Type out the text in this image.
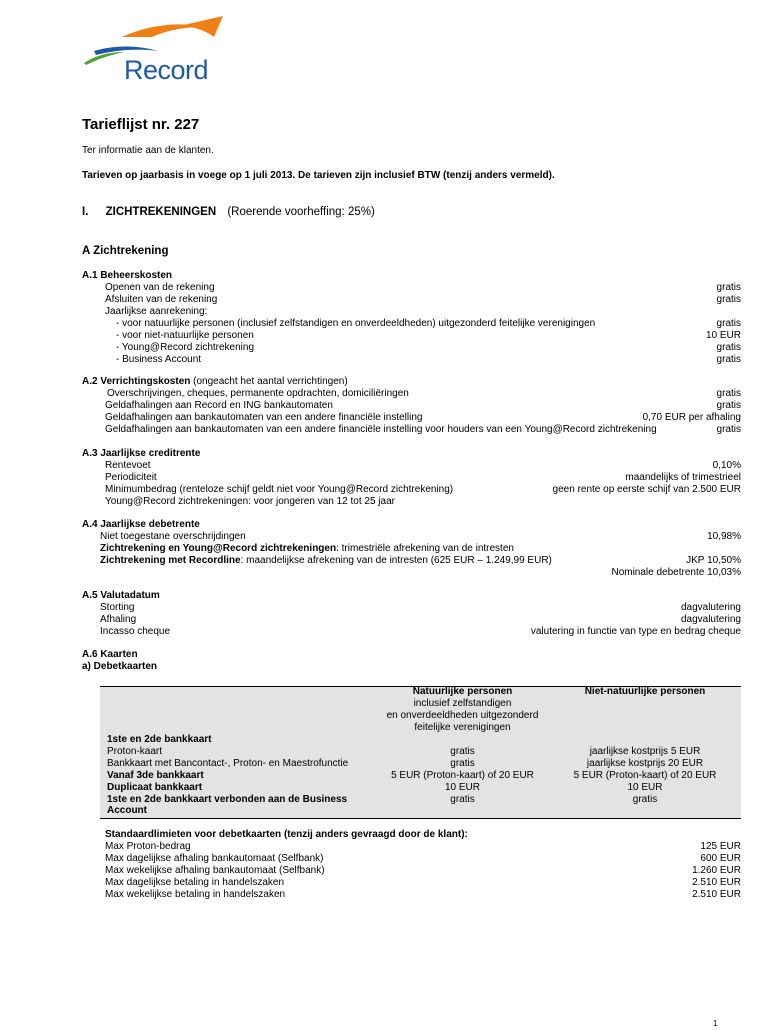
Record
Tarieflijst nr. 227
Ter informatie aan de klanten.
Tarieven op jaarbasis in voege op 1 juli 2013. De tarieven zijn inclusief BTW (tenzij anders vermeld).
I. ZICHTREKENINGEN (Roerende voorheffing: 25%)
A Zichtrekening
A.1 Beheerskosten
Openen van de rekening	gratis
Afsluiten van de rekening	gratis
Jaarlijkse aanrekening:
- voor natuurlijke personen (inclusief zelfstandigen en onverdeeldheden) uitgezonderd feitelijke verenigingen	gratis
- voor niet-natuurlijke personen	10 EUR
- Young@Record zichtrekening	gratis
- Business Account	gratis
A.2 Verrichtingskosten (ongeacht het aantal verrichtingen)
Overschrijvingen, cheques, permanente opdrachten, domiciliëringen	gratis
Geldafhalingen aan Record en ING bankautomaten	gratis
Geldafhalingen aan bankautomaten van een andere financiële instelling	0,70 EUR per afhaling
Geldafhalingen aan bankautomaten van een andere financiële instelling voor houders van een Young@Record zichtrekening	gratis
A.3 Jaarlijkse creditrente
Rentevoet	0,10%
Periodiciteit	maandelijks of trimestrieel
Minimumbedrag (renteloze schijf geldt niet voor Young@Record zichtrekening)	geen rente op eerste schijf van 2.500 EUR
Young@Record zichtrekeningen: voor jongeren van 12 tot 25 jaar
A.4 Jaarlijkse debetrente
Niet toegestane overschrijdingen	10,98%
Zichtrekening en Young@Record zichtrekeningen: trimestriële afrekening van de intresten
Zichtrekening met Recordline: maandelijkse afrekening van de intresten (625 EUR – 1.249,99 EUR)	JKP 10,50%
Nominale debetrente 10,03%
A.5 Valutadatum
Storting	dagvalutering
Afhaling	dagvalutering
Incasso cheque	valutering in functie van type en bedrag cheque
A.6 Kaarten
a) Debetkaarten
Natuurlijke personen
inclusief zelfstandigen
en onverdeeldheden uitgezonderd
feitelijke verenigingen
Niet-natuurlijke personen
1ste en 2de bankkaart
Proton-kaart	gratis	jaarlijkse kostprijs 5 EUR
Bankkaart met Bancontact-, Proton- en Maestrofunctie	gratis	jaarlijkse kostprijs 20 EUR
Vanaf 3de bankkaart	5 EUR (Proton-kaart) of 20 EUR	5 EUR (Proton-kaart) of 20 EUR
Duplicaat bankkaart	10 EUR	10 EUR
1ste en 2de bankkaart verbonden aan de Business	gratis	gratis
Account
Standaardlimieten voor debetkaarten (tenzij anders gevraagd door de klant):
Max Proton-bedrag	125 EUR
Max dagelijkse afhaling bankautomaat (Selfbank)	600 EUR
Max wekelijkse afhaling bankautomaat (Selfbank)	1.260 EUR
Max dagelijkse betaling in handelszaken	2.510 EUR
Max wekelijkse betaling in handelszaken	2.510 EUR
1
